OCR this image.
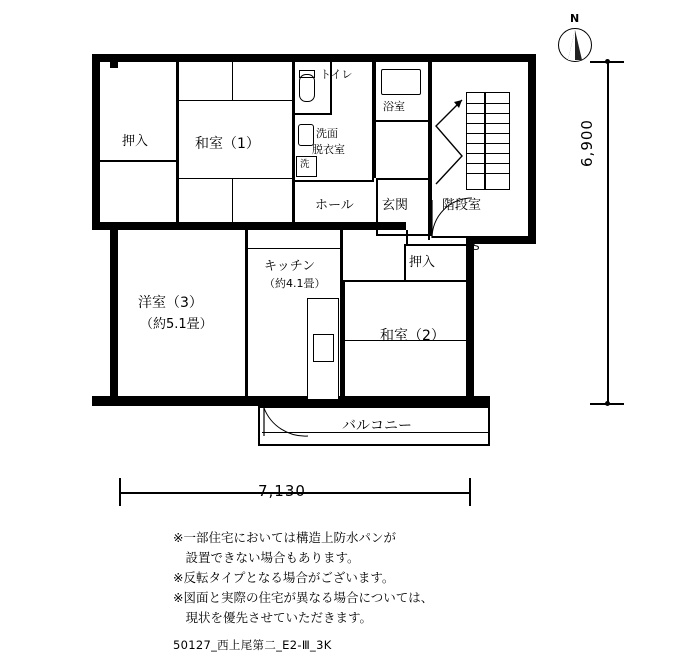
N
押入	和室（1）
トイレ
洗面
脱衣室
洗
浴室
ホール 玄関	階段室
PS
キッチン
（約4.1畳）
洋室（3）
（約5.1畳）
押入
和室（2）
バルコニー
6,900
7,130
※一部住宅においては構造上防水パンが
　設置できない場合もあります。
※反転タイプとなる場合がございます。
※図面と実際の住宅が異なる場合については、
　現状を優先させていただきます。
50127_西上尾第二_E2-Ⅲ_3K
